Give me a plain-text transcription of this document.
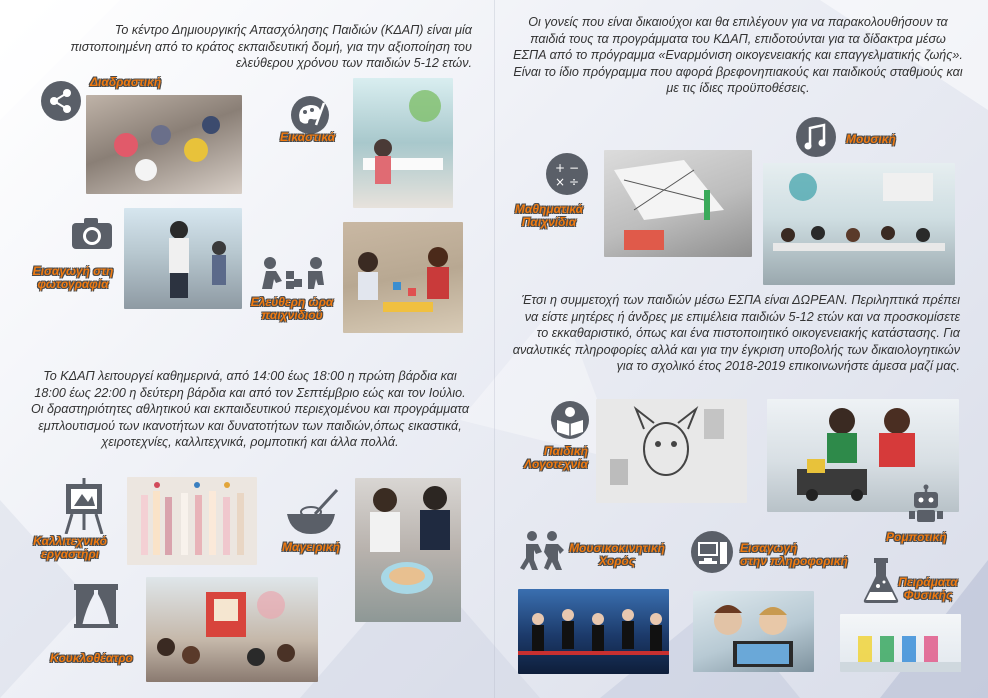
Το κέντρο Δημιουργικής Απασχόλησης Παιδιών (ΚΔΑΠ) είναι μία πιστοποιημένη από το κράτος εκπαιδευτική δομή, για την αξιοποίηση του ελεύθερου χρόνου των παιδιών 5-12 ετών.

Διαδραστική
Εικαστικά
Εισαγωγή στη
φωτογραφία
Ελεύθερη ώρα
παιχνιδιού

Το ΚΔΑΠ λειτουργεί καθημερινά, από 14:00 έως 18:00 η πρώτη βάρδια και 18:00 έως 22:00 η δεύτερη βάρδια και από τον Σεπτέμβριο εώς και τον Ιούλιο. Οι δραστηριότητες αθλητικού και εκπαιδευτικού περιεχομένου και προγράμματα εμπλουτισμού των ικανοτήτων και δυνατοτήτων των παιδιών,όπως εικαστικά, χειροτεχνίες, καλλιτεχνικά, ρομποτική και άλλα πολλά.

Καλλιτεχνικό
εργαστήρι	Μαγειρική
Κουκλοθέατρο

Οι γονείς που είναι δικαιούχοι και θα επιλέγουν για να παρακολουθήσουν τα παιδιά τους τα προγράμματα του ΚΔΑΠ, επιδοτούνται για τα δίδακτρα μέσω ΕΣΠΑ από το πρόγραμμα «Εναρμόνιση οικογενειακής και επαγγελματικής ζωής». Είναι το ίδιο πρόγραμμα που αφορά βρεφονηπιακούς και παιδικούς σταθμούς και με τις ίδιες προϋποθέσεις.

Μουσική
+ −
× ÷
Μαθηματικά
Παιχνίδια

Έτσι η συμμετοχή των παιδιών μέσω ΕΣΠΑ είναι ΔΩΡΕΑΝ. Περιληπτικά πρέπει να είστε μητέρες ή άνδρες με επιμέλεια παιδιών 5-12 ετών και να προσκομίσετε το εκκαθαριστικό, όπως και ένα πιστοποιητικό οικογενειακής κατάστασης. Για αναλυτικές πληροφορίες αλλά και για την έγκριση υποβολής των δικαιολογητικών για το σχολικό έτος 2018-2019 επικοινωνήστε άμεσα μαζί μας.

Παιδική
Λογοτεχνία
Ρομποτική
Μουσικοκινητική
Χορός
Εισαγωγή
στην πληροφορική
Πειράματα
Φυσικής
